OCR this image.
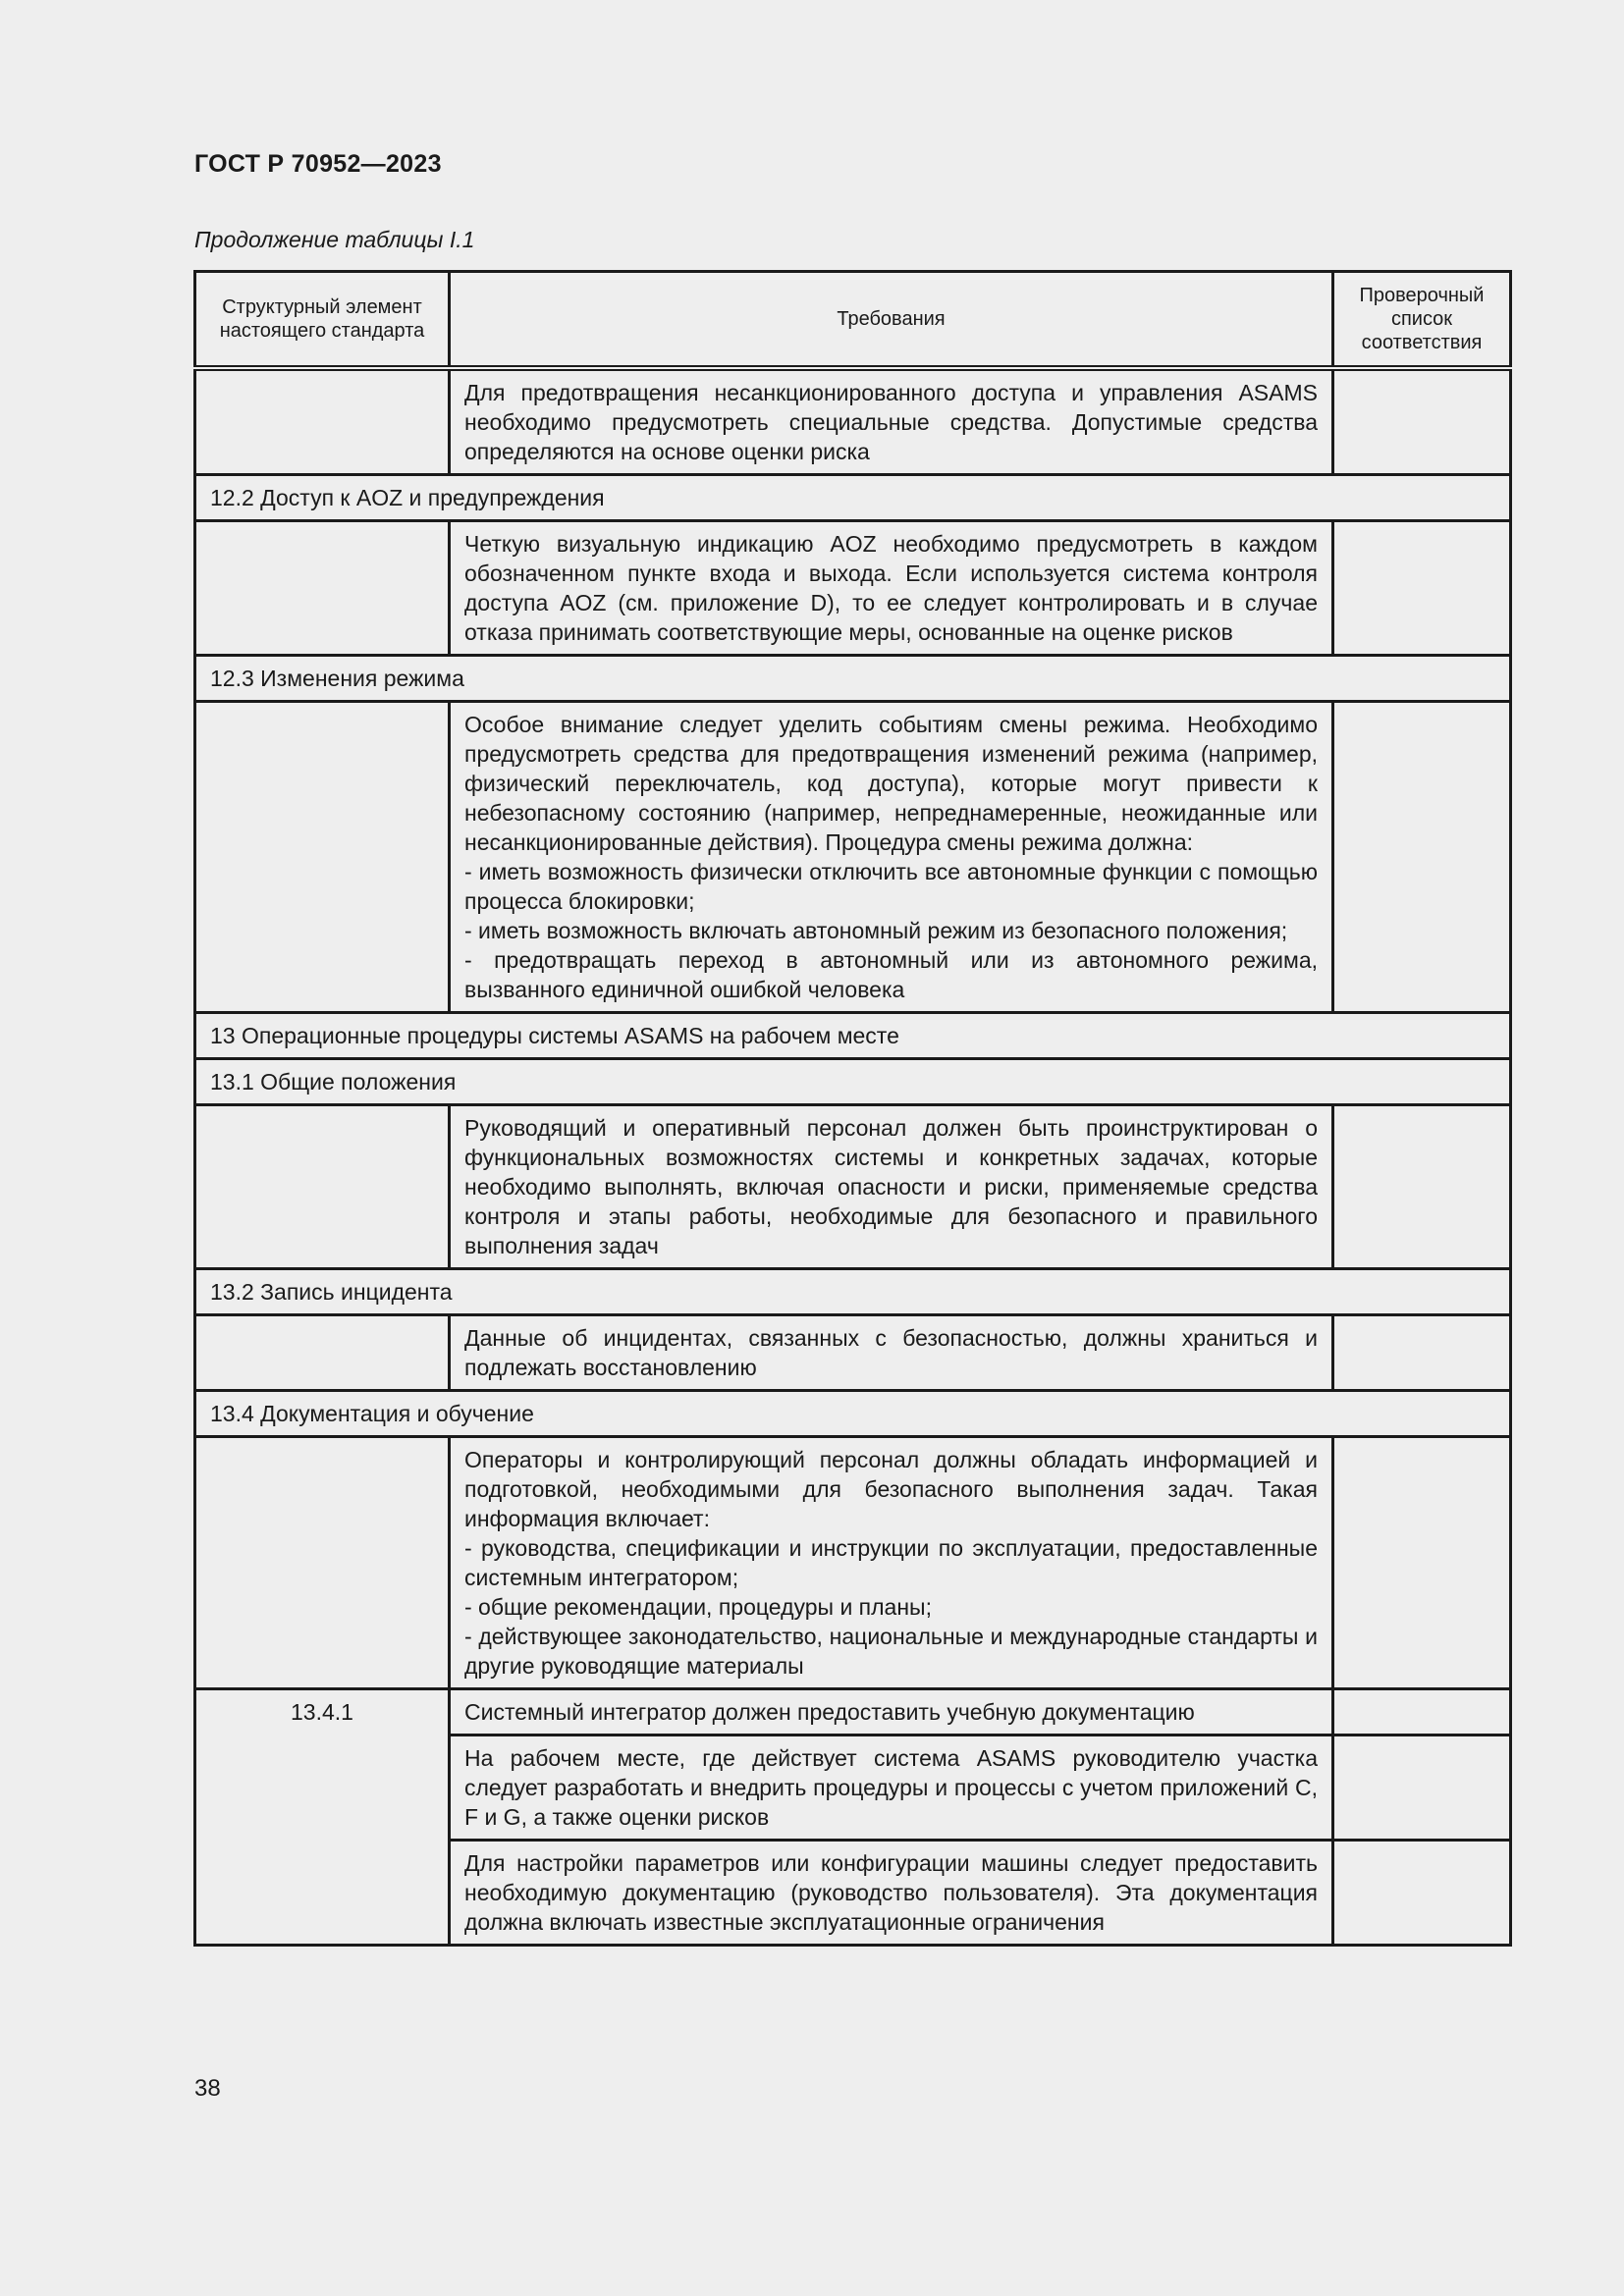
ГОСТ Р 70952—2023
Продолжение таблицы I.1
Структурный элемент настоящего стандарта	Требования	Проверочный список соответствия

	Для предотвращения несанкционированного доступа и управления ASAMS необходимо предусмотреть специальные средства. Допустимые средства определяются на основе оценки риска	

12.2 Доступ к AOZ и предупреждения		

	Четкую визуальную индикацию AOZ необходимо предусмотреть в каждом обозначенном пункте входа и выхода. Если используется система контроля доступа AOZ (см. приложение D), то ее следует контролировать и в случае отказа принимать соответствующие меры, основанные на оценке рисков	

12.3 Изменения режима		

	Особое внимание следует уделить событиям смены режима. Необходимо предусмотреть средства для предотвращения изменений режима (например, физический переключатель, код доступа), которые могут привести к небезопасному состоянию (например, непреднамеренные, неожиданные или несанкционированные действия). Процедура смены режима должна:
- иметь возможность физически отключить все автономные функции с помощью процесса блокировки;
- иметь возможность включать автономный режим из безопасного положения;
- предотвращать переход в автономный или из автономного режима, вызванного единичной ошибкой человека	

13 Операционные процедуры системы ASAMS на рабочем месте		
13.1 Общие положения		

	Руководящий и оперативный персонал должен быть проинструктирован о функциональных возможностях системы и конкретных задачах, которые необходимо выполнять, включая опасности и риски, применяемые средства контроля и этапы работы, необходимые для безопасного и правильного выполнения задач	

13.2 Запись инцидента		

	Данные об инцидентах, связанных с безопасностью, должны храниться и подлежать восстановлению	

13.4 Документация и обучение		

	Операторы и контролирующий персонал должны обладать информацией и подготовкой, необходимыми для безопасного выполнения задач. Такая информация включает:
- руководства, спецификации и инструкции по эксплуатации, предоставленные системным интегратором;
- общие рекомендации, процедуры и планы;
- действующее законодательство, национальные и международные стандарты и другие руководящие материалы	

13.4.1	Системный интегратор должен предоставить учебную документацию	
	На рабочем месте, где действует система ASAMS руководителю участка следует разработать и внедрить процедуры и процессы с учетом приложений С, F и G, а также оценки рисков	
	Для настройки параметров или конфигурации машины следует предоставить необходимую документацию (руководство пользователя). Эта документация должна включать известные эксплуатационные ограничения	
38
